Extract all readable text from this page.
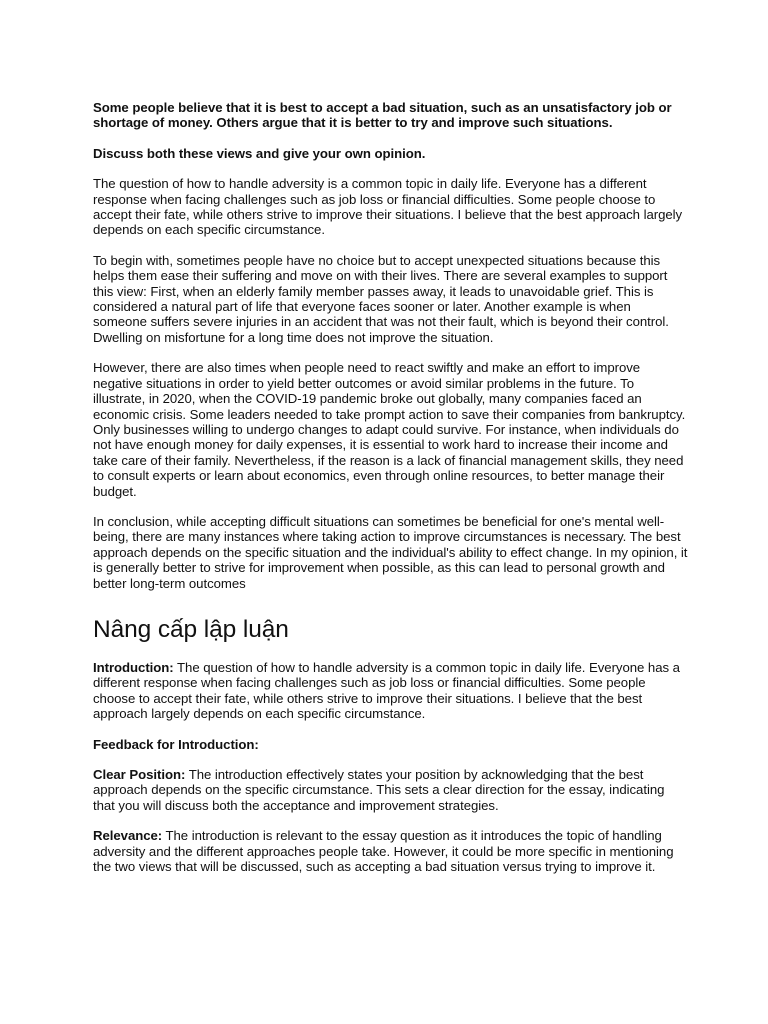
Some people believe that it is best to accept a bad situation, such as an unsatisfactory job or shortage of money. Others argue that it is better to try and improve such situations.

Discuss both these views and give your own opinion.

The question of how to handle adversity is a common topic in daily life. Everyone has a different response when facing challenges such as job loss or financial difficulties. Some people choose to accept their fate, while others strive to improve their situations. I believe that the best approach largely depends on each specific circumstance.

To begin with, sometimes people have no choice but to accept unexpected situations because this helps them ease their suffering and move on with their lives. There are several examples to support this view: First, when an elderly family member passes away, it leads to unavoidable grief. This is considered a natural part of life that everyone faces sooner or later. Another example is when someone suffers severe injuries in an accident that was not their fault, which is beyond their control. Dwelling on misfortune for a long time does not improve the situation.

However, there are also times when people need to react swiftly and make an effort to improve negative situations in order to yield better outcomes or avoid similar problems in the future. To illustrate, in 2020, when the COVID-19 pandemic broke out globally, many companies faced an economic crisis. Some leaders needed to take prompt action to save their companies from bankruptcy. Only businesses willing to undergo changes to adapt could survive. For instance, when individuals do not have enough money for daily expenses, it is essential to work hard to increase their income and take care of their family. Nevertheless, if the reason is a lack of financial management skills, they need to consult experts or learn about economics, even through online resources, to better manage their budget.

In conclusion, while accepting difficult situations can sometimes be beneficial for one's mental well-being, there are many instances where taking action to improve circumstances is necessary. The best approach depends on the specific situation and the individual's ability to effect change. In my opinion, it is generally better to strive for improvement when possible, as this can lead to personal growth and better long-term outcomes

Nâng cấp lập luận

Introduction: The question of how to handle adversity is a common topic in daily life. Everyone has a different response when facing challenges such as job loss or financial difficulties. Some people choose to accept their fate, while others strive to improve their situations. I believe that the best approach largely depends on each specific circumstance.

Feedback for Introduction:

Clear Position: The introduction effectively states your position by acknowledging that the best approach depends on the specific circumstance. This sets a clear direction for the essay, indicating that you will discuss both the acceptance and improvement strategies.

Relevance: The introduction is relevant to the essay question as it introduces the topic of handling adversity and the different approaches people take. However, it could be more specific in mentioning the two views that will be discussed, such as accepting a bad situation versus trying to improve it.
